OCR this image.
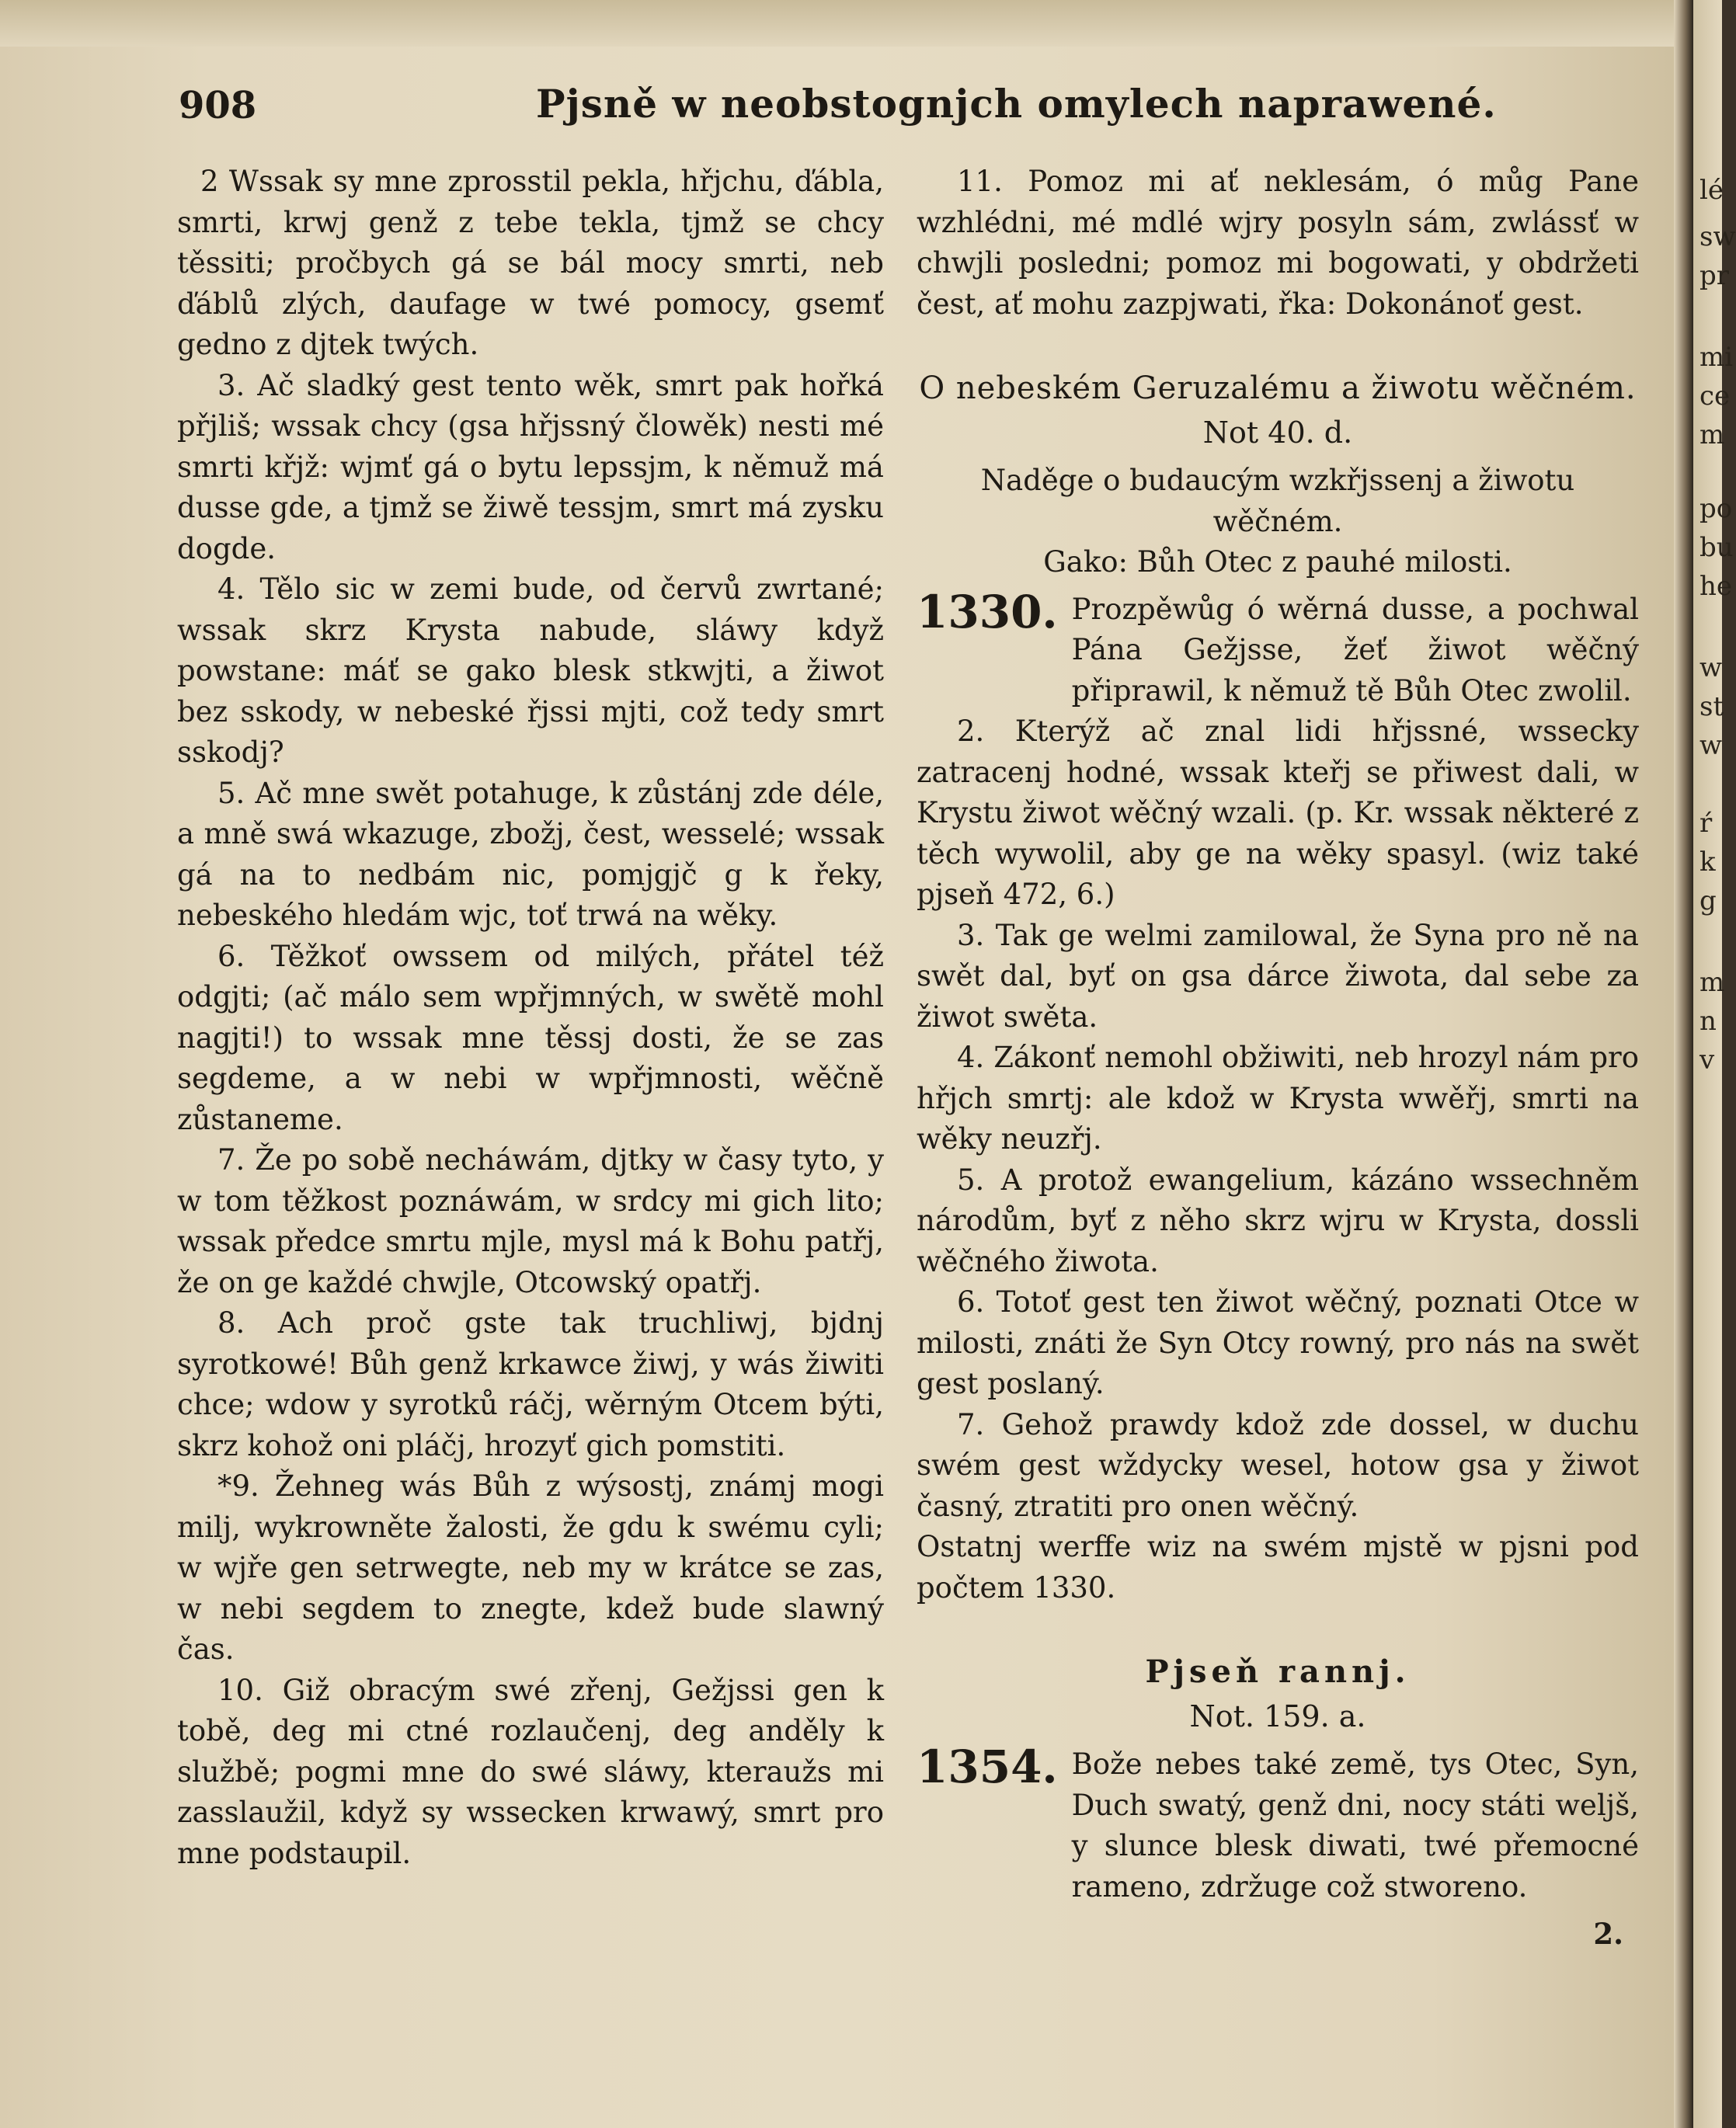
908	Pjsně w neobstognjch omylech naprawené.

2 Wssak sy mne zprosstil pekla, hřjchu, ďábla, smrti, krwj genž z tebe tekla, tjmž se chcy těssiti; pročbych gá se bál mocy smrti, neb ďáblů zlých, daufage w twé pomocy, gsemť gedno z djtek twých.

3. Ač sladký gest tento wěk, smrt pak hořká přjliš; wssak chcy (gsa hřjssný člowěk) nesti mé smrti křjž: wjmť gá o bytu lepssjm, k němuž má dusse gde, a tjmž se žiwě tessjm, smrt má zysku dogde.

4. Tělo sic w zemi bude, od červů zwrtané; wssak skrz Krysta nabude, sláwy když powstane: máť se gako blesk stkwjti, a žiwot bez sskody, w nebeské řjssi mjti, což tedy smrt sskodj?

5. Ač mne swět potahuge, k zůstánj zde déle, a mně swá wkazuge, zbožj, čest, wesselé; wssak gá na to nedbám nic, pomjgjč g k řeky, nebeského hledám wjc, toť trwá na wěky.

6. Těžkoť owssem od milých, přátel též odgjti; (ač málo sem wpřjmných, w swětě mohl nagjti!) to wssak mne těssj dosti, že se zas segdeme, a w nebi w wpřjmnosti, wěčně zůstaneme.

7. Že po sobě necháwám, djtky w časy tyto, y w tom těžkost poznáwám, w srdcy mi gich lito; wssak předce smrtu mjle, mysl má k Bohu patřj, že on ge každé chwjle, Otcowský opatřj.

8. Ach proč gste tak truchliwj, bjdnj syrotkowé! Bůh genž krkawce žiwj, y wás žiwiti chce; wdow y syrotků ráčj, wěrným Otcem býti, skrz kohož oni pláčj, hrozyť gich pomstiti.

*9. Žehneg wás Bůh z wýsostj, známj mogi milj, wykrowněte žalosti, že gdu k swému cyli; w wjře gen setrwegte, neb my w krátce se zas, w nebi segdem to znegte, kdež bude slawný čas.

10. Giž obracým swé zřenj, Gežjssi gen k tobě, deg mi ctné rozlaučenj, deg anděly k službě; pogmi mne do swé sláwy, kteraužs mi zasslaužil, když sy wssecken krwawý, smrt pro mne podstaupil.

11. Pomoz mi ať neklesám, ó můg Pane wzhlédni, mé mdlé wjry posyln sám, zwlássť w chwjli posledni; pomoz mi bogowati, y obdržeti čest, ať mohu zazpjwati, řka: Dokonánoť gest.

O nebeském Geruzalému a žiwotu wěčném.

Not 40. d.

Naděge o budaucým wzkřjssenj a žiwotu wěčném.

Gako: Bůh Otec z pauhé milosti.

1330. Prozpěwůg ó wěrná dusse, a pochwal Pána Gežjsse, žeť žiwot wěčný připrawil, k němuž tě Bůh Otec zwolil.

2. Kterýž ač znal lidi hřjssné, wssecky zatracenj hodné, wssak kteřj se přiwest dali, w Krystu žiwot wěčný wzali. (p. Kr. wssak některé z těch wywolil, aby ge na wěky spasyl. (wiz také pjseň 472, 6.)

3. Tak ge welmi zamilowal, že Syna pro ně na swět dal, byť on gsa dárce žiwota, dal sebe za žiwot swěta.

4. Zákonť nemohl obžiwiti, neb hrozyl nám pro hřjch smrtj: ale kdož w Krysta wwěřj, smrti na wěky neuzřj.

5. A protož ewangelium, kázáno wssechněm národům, byť z něho skrz wjru w Krysta, dossli wěčného žiwota.

6. Totoť gest ten žiwot wěčný, poznati Otce w milosti, znáti že Syn Otcy rowný, pro nás na swět gest poslaný.

7. Gehož prawdy kdož zde dossel, w duchu swém gest wždycky wesel, hotow gsa y žiwot časný, ztratiti pro onen wěčný.

Ostatnj werffe wiz na swém mjstě w pjsni pod počtem 1330.

Pjseň rannj.

Not. 159. a.

1354. Bože nebes také země, tys Otec, Syn, Duch swatý, genž dni, nocy státi weljš, y slunce blesk diwati, twé přemocné rameno, zdržuge což stworeno.

2.

lé
sw
pr
mi
ce
m
po
bu
he
w
st
w
ŕ
k
g
m
n
v
